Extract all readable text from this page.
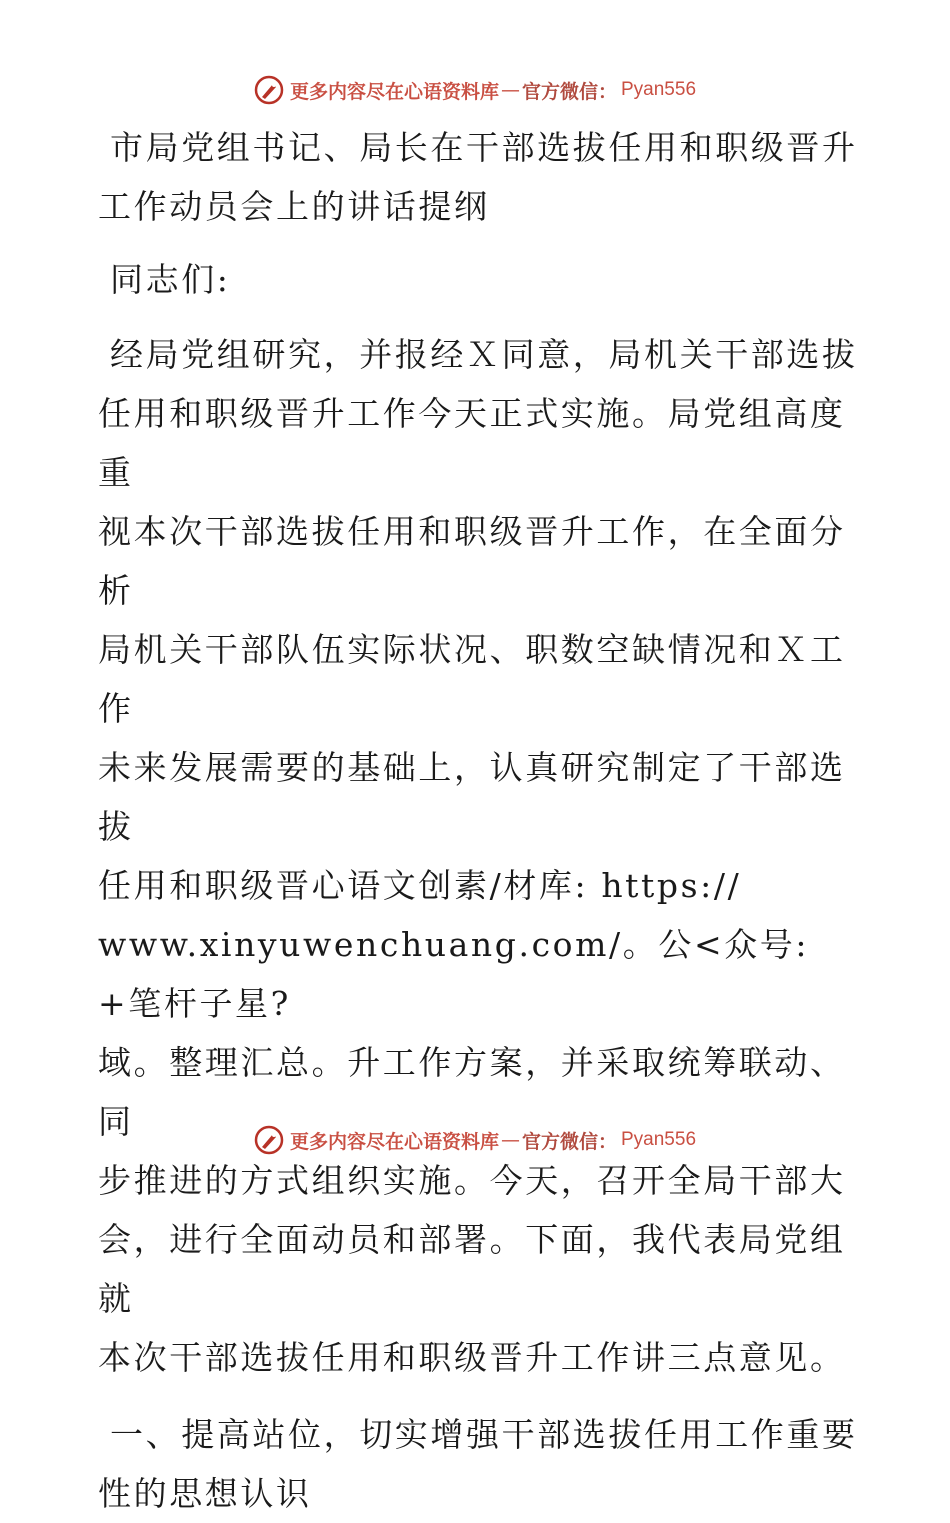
更多内容尽在心语资料库 — 官方微信： Pyan556
市局党组书记、局长在干部选拔任用和职级晋升
工作动员会上的讲话提纲
同志们:
经局党组研究，并报经Ｘ同意，局机关干部选拔
任用和职级晋升工作今天正式实施。局党组高度重
视本次干部选拔任用和职级晋升工作，在全面分析
局机关干部队伍实际状况、职数空缺情况和Ｘ工作
未来发展需要的基础上，认真研究制定了干部选拔
任用和职级晋心语文创素/材库: https://
www.xinyuwenchuang.com/。公<众号: +笔杆子星?
域。整理汇总。升工作方案，并采取统筹联动、同
步推进的方式组织实施。今天，召开全局干部大
会，进行全面动员和部署。下面，我代表局党组就
本次干部选拔任用和职级晋升工作讲三点意见。
一、提高站位，切实增强干部选拔任用工作重要
性的思想认识
更多内容尽在心语资料库 — 官方微信： Pyan556
